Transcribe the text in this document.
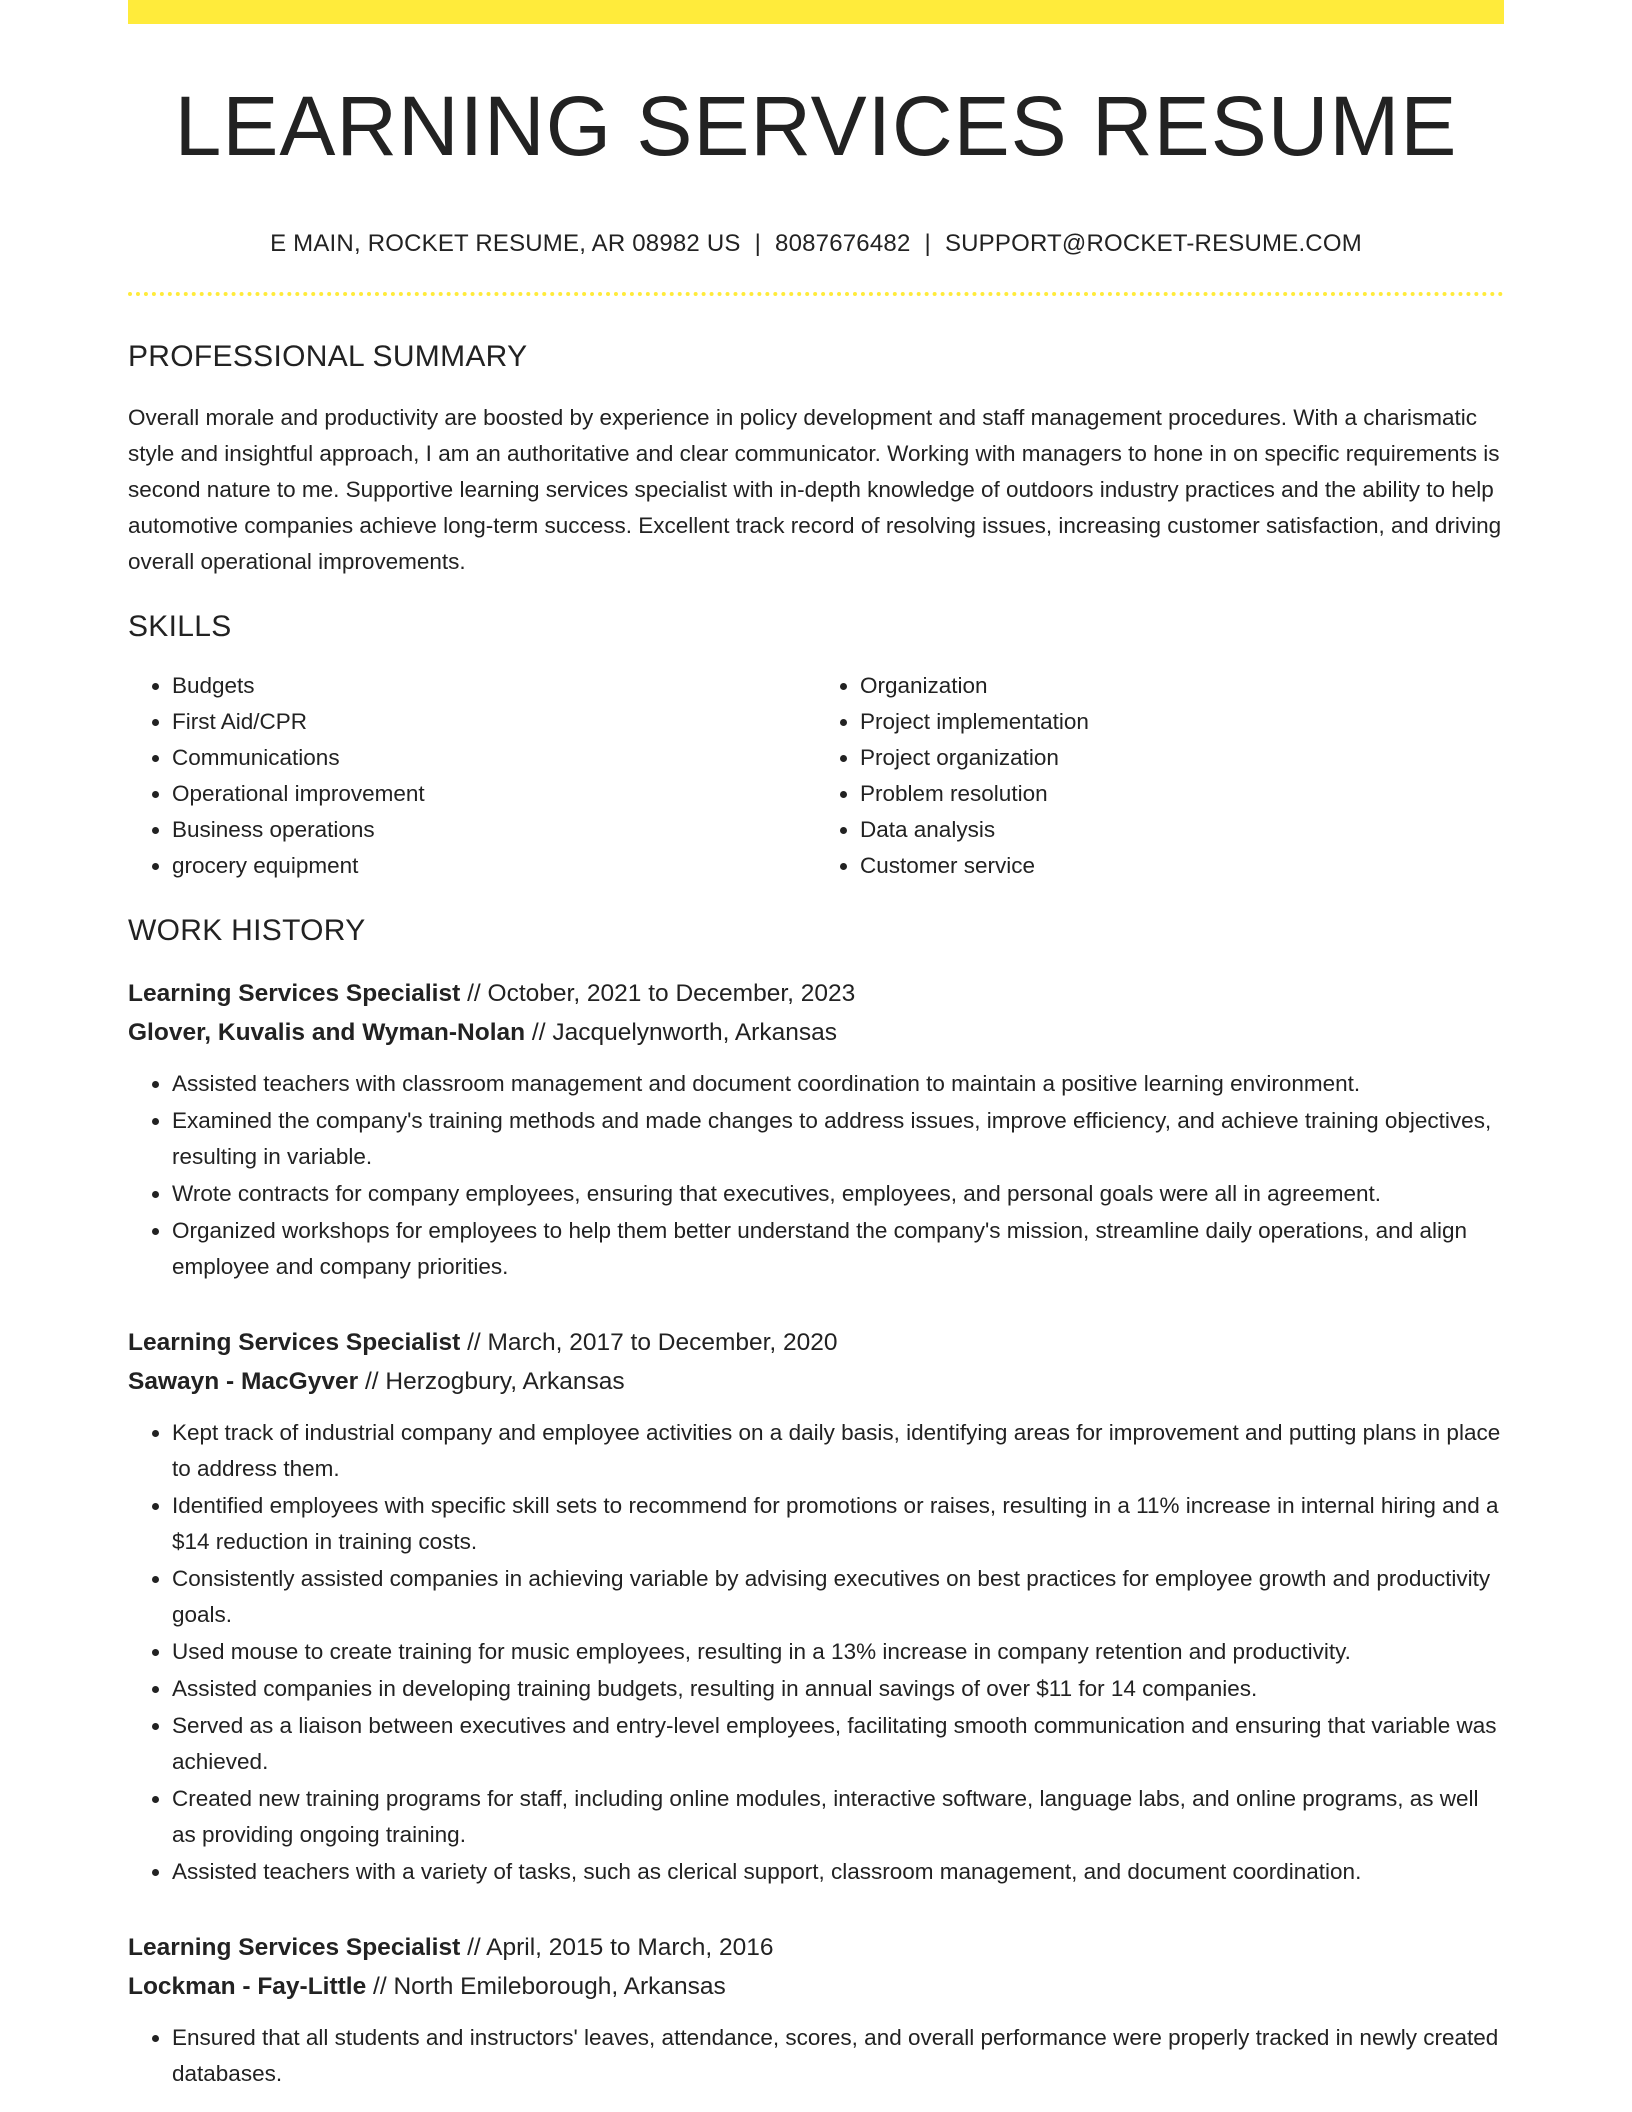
LEARNING SERVICES RESUME
E MAIN, ROCKET RESUME, AR 08982 US | 8087676482 | SUPPORT@ROCKET-RESUME.COM
PROFESSIONAL SUMMARY

Overall morale and productivity are boosted by experience in policy development and staff management procedures. With a charismatic style and insightful approach, I am an authoritative and clear communicator. Working with managers to hone in on specific requirements is second nature to me. Supportive learning services specialist with in-depth knowledge of outdoors industry practices and the ability to help automotive companies achieve long-term success. Excellent track record of resolving issues, increasing customer satisfaction, and driving overall operational improvements.

SKILLS
• Budgets
• First Aid/CPR
• Communications
• Operational improvement
• Business operations
• grocery equipment
• Organization
• Project implementation
• Project organization
• Problem resolution
• Data analysis
• Customer service
WORK HISTORY
Learning Services Specialist // October, 2021 to December, 2023
Glover, Kuvalis and Wyman-Nolan // Jacquelynworth, Arkansas
• Assisted teachers with classroom management and document coordination to maintain a positive learning environment.
• Examined the company's training methods and made changes to address issues, improve efficiency, and achieve training objectives, resulting in variable.
• Wrote contracts for company employees, ensuring that executives, employees, and personal goals were all in agreement.
• Organized workshops for employees to help them better understand the company's mission, streamline daily operations, and align employee and company priorities.
Learning Services Specialist // March, 2017 to December, 2020
Sawayn - MacGyver // Herzogbury, Arkansas
• Kept track of industrial company and employee activities on a daily basis, identifying areas for improvement and putting plans in place to address them.
• Identified employees with specific skill sets to recommend for promotions or raises, resulting in a 11% increase in internal hiring and a $14 reduction in training costs.
• Consistently assisted companies in achieving variable by advising executives on best practices for employee growth and productivity goals.
• Used mouse to create training for music employees, resulting in a 13% increase in company retention and productivity.
• Assisted companies in developing training budgets, resulting in annual savings of over $11 for 14 companies.
• Served as a liaison between executives and entry-level employees, facilitating smooth communication and ensuring that variable was achieved.
• Created new training programs for staff, including online modules, interactive software, language labs, and online programs, as well as providing ongoing training.
• Assisted teachers with a variety of tasks, such as clerical support, classroom management, and document coordination.
Learning Services Specialist // April, 2015 to March, 2016
Lockman - Fay-Little // North Emileborough, Arkansas
• Ensured that all students and instructors' leaves, attendance, scores, and overall performance were properly tracked in newly created databases.
